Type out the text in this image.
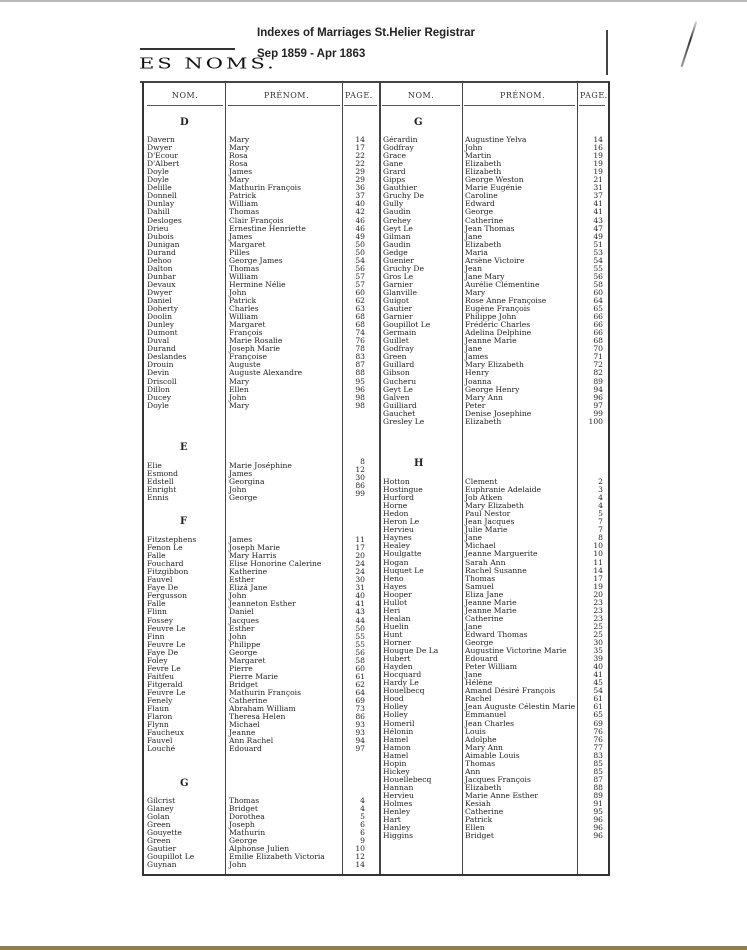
Indexes of Marriages St.Helier Registrar
Sep 1859 - Apr 1863
ES NOMS.
NOM.	PRÉNOM.	PAGE.	NOM.	PRÉNOM.	PAGE.
D
Davern	Mary	14
Dwyer	Mary	17
D'Ecour	Rosa	22
D'Albert	Rosa	22
Doyle	James	29
Doyle	Mary	29
Delille	Mathurin François	36
Donnell	Patrick	37
Dunlay	William	40
Dahill	Thomas	42
Desloges	Clair François	46
Drieu	Ernestine Henriette	46
Dubois	James	49
Dunigan	Margaret	50
Durand	Pilles	50
Dehoo	George James	54
Dalton	Thomas	56
Dunbar	William	57
Devaux	Hermine Nélie	57
Dwyer	John	60
Daniel	Patrick	62
Doherty	Charles	63
Doolin	William	68
Dunley	Margaret	68
Dumont	François	74
Duval	Marie Rosalie	76
Durand	Joseph Marie	78
Deslandes	Françoise	83
Drouin	Auguste	87
Devin	Auguste Alexandre	88
Driscoll	Mary	95
Dillon	Ellen	96
Ducey	John	98
Doyle	Mary	98
E
Elie	Marie Joséphine	8
Esmond	James	12
Edstell	Georgina	30
Enright	John	86
Ennis	George	99
F
Fitzstephens	James	11
Fenon Le	Joseph Marie	17
Falle	Mary Harris	20
Fouchard	Elise Honorine Calerine	24
Fitzgibbon	Katherine	24
Fauvel	Esther	30
Faye De	Elizá Jane	31
Fergusson	John	40
Falle	Jeanneton Esther	41
Flinn	Daniel	43
Fossey	Jacques	44
Feuvre Le	Esther	50
Finn	John	55
Feuvre Le	Philippe	55
Faye De	George	56
Foley	Margaret	58
Fevre Le	Pierre	60
Faitfeu	Pierre Marie	61
Fitgerald	Bridget	62
Feuvre Le	Mathurin François	64
Fenely	Catherine	69
Flaun	Abraham William	73
Flaron	Theresa Helen	86
Flynn	Michael	93
Faucheux	Jeanne	93
Fauvel	Ann Rachel	94
Louché	Edouard	97
G
Gilcrist	Thomas	4
Glaney	Bridget	4
Golan	Dorothea	5
Green	Joseph	6
Gouyette	Mathurin	6
Green	George	9
Gautier	Alphonse Julien	10
Goupillot Le	Emilie Elizabeth Victoria	12
Guynan	John	14
G
Gérardin	Augustine Yelva	14
Godfray	John	16
Grace	Martin	19
Gane	Elizabeth	19
Grard	Elizabeth	19
Gipps	George Weston	21
Gauthier	Marie Eugénie	31
Gruchy De	Caroline	37
Gully	Edward	41
Gaudin	George	41
Grehey	Catherine	43
Geyt Le	Jean Thomas	47
Gilman	Jane	49
Gaudin	Elizabeth	51
Gedge	Maria	53
Guenier	Arsène Victoire	54
Gruchy De	Jean	55
Gros Le	Jane Mary	56
Garnier	Aurélie Clémentine	58
Glanville	Mary	60
Guigot	Rose Anne Françoise	64
Gautier	Eugène François	65
Garnier	Philippe John	66
Goupillot Le	Frédéric Charles	66
Germain	Adelina Delphine	66
Guillet	Jeanne Marie	68
Godfray	Jane	70
Green	James	71
Guillard	Mary Elizabeth	72
Gibson	Henry	82
Gucheru	Joanna	89
Geyt Le	George Henry	94
Galven	Mary Ann	96
Guilliard	Peter	97
Gauchet	Denise Josephine	99
Gresley Le	Elizabeth	100
H
Hotton	Clement	2
Hostingue	Euphranie Adelaide	3
Hurford	Job Atken	4
Horne	Mary Elizabeth	4
Hedon	Paul Nestor	5
Heron Le	Jean Jacques	7
Hervieu	Julie Marie	7
Haynes	Jane	8
Healey	Michael	10
Houlgatte	Jeanne Marguerite	10
Hogan	Sarah Ann	11
Huquet Le	Rachel Susanne	14
Heno	Thomas	17
Hayes	Samuel	19
Hooper	Eliza Jane	20
Hullot	Jeanne Marie	23
Heri	Jeanne Marie	23
Healan	Catherine	23
Huelin	Jane	25
Hunt	Edward Thomas	25
Horner	George	30
Hougue De La	Augustine Victorine Marie	35
Hubert	Edouard	39
Hayden	Peter William	40
Hocquard	Jane	41
Hardy Le	Hélène	45
Houelbecq	Amand Désiré François	54
Hood	Rachel	61
Holley	Jean Auguste Célestin Marie	61
Holley	Emmanuel	65
Homeril	Jean Charles	69
Hélonin	Louis	76
Hamel	Adolphe	76
Hamon	Mary Ann	77
Hamel	Aimable Louis	83
Hopin	Thomas	85
Hickey	Ann	85
Houellebecq	Jacques François	87
Hannan	Elizabeth	88
Hervieu	Marie Anne Esther	89
Holmes	Kesiah	91
Henley	Catherine	95
Hart	Patrick	96
Hanley	Ellen	96
Higgins	Bridget	96
